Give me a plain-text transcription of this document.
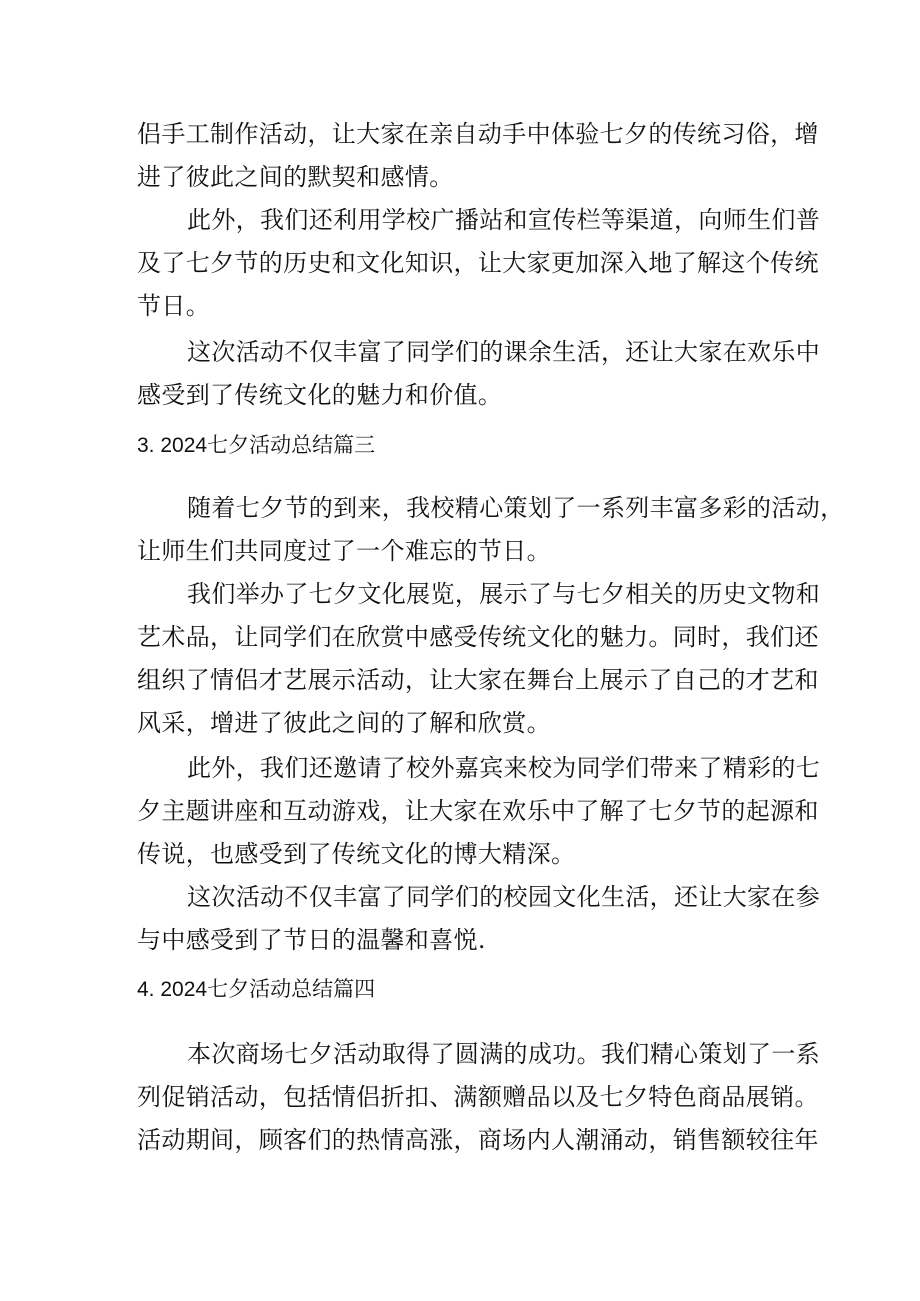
侣手工制作活动，让大家在亲自动手中体验七夕的传统习俗，增
进了彼此之间的默契和感情。
此外，我们还利用学校广播站和宣传栏等渠道，向师生们普
及了七夕节的历史和文化知识，让大家更加深入地了解这个传统
节日。
这次活动不仅丰富了同学们的课余生活，还让大家在欢乐中
感受到了传统文化的魅力和价值。
3. 2024七夕活动总结篇三
随着七夕节的到来，我校精心策划了一系列丰富多彩的活动，
让师生们共同度过了一个难忘的节日。
我们举办了七夕文化展览，展示了与七夕相关的历史文物和
艺术品，让同学们在欣赏中感受传统文化的魅力。同时，我们还
组织了情侣才艺展示活动，让大家在舞台上展示了自己的才艺和
风采，增进了彼此之间的了解和欣赏。
此外，我们还邀请了校外嘉宾来校为同学们带来了精彩的七
夕主题讲座和互动游戏，让大家在欢乐中了解了七夕节的起源和
传说，也感受到了传统文化的博大精深。
这次活动不仅丰富了同学们的校园文化生活，还让大家在参
与中感受到了节日的温馨和喜悦.
4. 2024七夕活动总结篇四
本次商场七夕活动取得了圆满的成功。我们精心策划了一系
列促销活动，包括情侣折扣、满额赠品以及七夕特色商品展销。
活动期间，顾客们的热情高涨，商场内人潮涌动，销售额较往年
